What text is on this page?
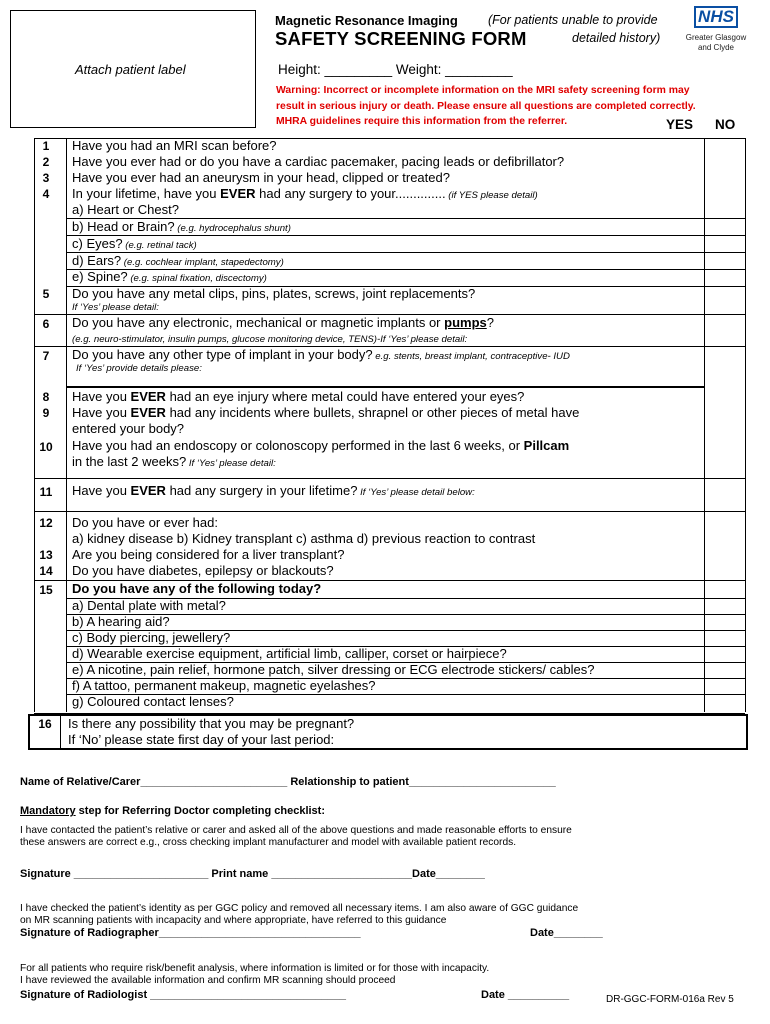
Attach patient label
Magnetic Resonance Imaging (For patients unable to provide
detailed history)
SAFETY SCREENING FORM
Height: _________ Weight: _________
Warning: Incorrect or incomplete information on the MRI safety screening form may result in serious injury or death. Please ensure all questions are completed correctly. MHRA guidelines require this information from the referrer.
NHS
Greater Glasgow and Clyde
YES NO
1	Have you had an MRI scan before?
2	Have you ever had or do you have a cardiac pacemaker, pacing leads or defibrillator?
3	Have you ever had an aneurysm in your head, clipped or treated?
4	In your lifetime, have you EVER had any surgery to your.............. (if YES please detail)
a) Heart or Chest?
b) Head or Brain? (e.g. hydrocephalus shunt)
c) Eyes? (e.g. retinal tack)
d) Ears? (e.g. cochlear implant, stapedectomy)
e) Spine? (e.g. spinal fixation, discectomy)
5	Do you have any metal clips, pins, plates, screws, joint replacements?
If ‘Yes’ please detail:
6	Do you have any electronic, mechanical or magnetic implants or pumps?
(e.g. neuro-stimulator, insulin pumps, glucose monitoring device, TENS)-If ‘Yes’ please detail:
7	Do you have any other type of implant in your body? e.g. stents, breast implant, contraceptive- IUD
If ‘Yes’ provide details please:
8	Have you EVER had an eye injury where metal could have entered your eyes?
9	Have you EVER had any incidents where bullets, shrapnel or other pieces of metal have
entered your body?
10	Have you had an endoscopy or colonoscopy performed in the last 6 weeks, or Pillcam
in the last 2 weeks? If ‘Yes’ please detail:
11	Have you EVER had any surgery in your lifetime? If ‘Yes’ please detail below:
12	Do you have or ever had:
a) kidney disease b) Kidney transplant c) asthma d) previous reaction to contrast
13	Are you being considered for a liver transplant?
14	Do you have diabetes, epilepsy or blackouts?
15	Do you have any of the following today?
a) Dental plate with metal?
b) A hearing aid?
c) Body piercing, jewellery?
d) Wearable exercise equipment, artificial limb, calliper, corset or hairpiece?
e) A nicotine, pain relief, hormone patch, silver dressing or ECG electrode stickers/ cables?
f) A tattoo, permanent makeup, magnetic eyelashes?
g) Coloured contact lenses?
16	Is there any possibility that you may be pregnant?
If ‘No’ please state first day of your last period:
Name of Relative/Carer________________________ Relationship to patient________________________
Mandatory step for Referring Doctor completing checklist:
I have contacted the patient’s relative or carer and asked all of the above questions and made reasonable efforts to ensure
these answers are correct e.g., cross checking implant manufacturer and model with available patient records.
Signature ______________________ Print name _______________________Date________
I have checked the patient’s identity as per GGC policy and removed all necessary items. I am also aware of GGC guidance
on MR scanning patients with incapacity and where appropriate, have referred to this guidance
Signature of Radiographer_________________________________	Date________
For all patients who require risk/benefit analysis, where information is limited or for those with incapacity.
I have reviewed the available information and confirm MR scanning should proceed
Signature of Radiologist ________________________________	Date __________	DR-GGC-FORM-016a Rev 5
